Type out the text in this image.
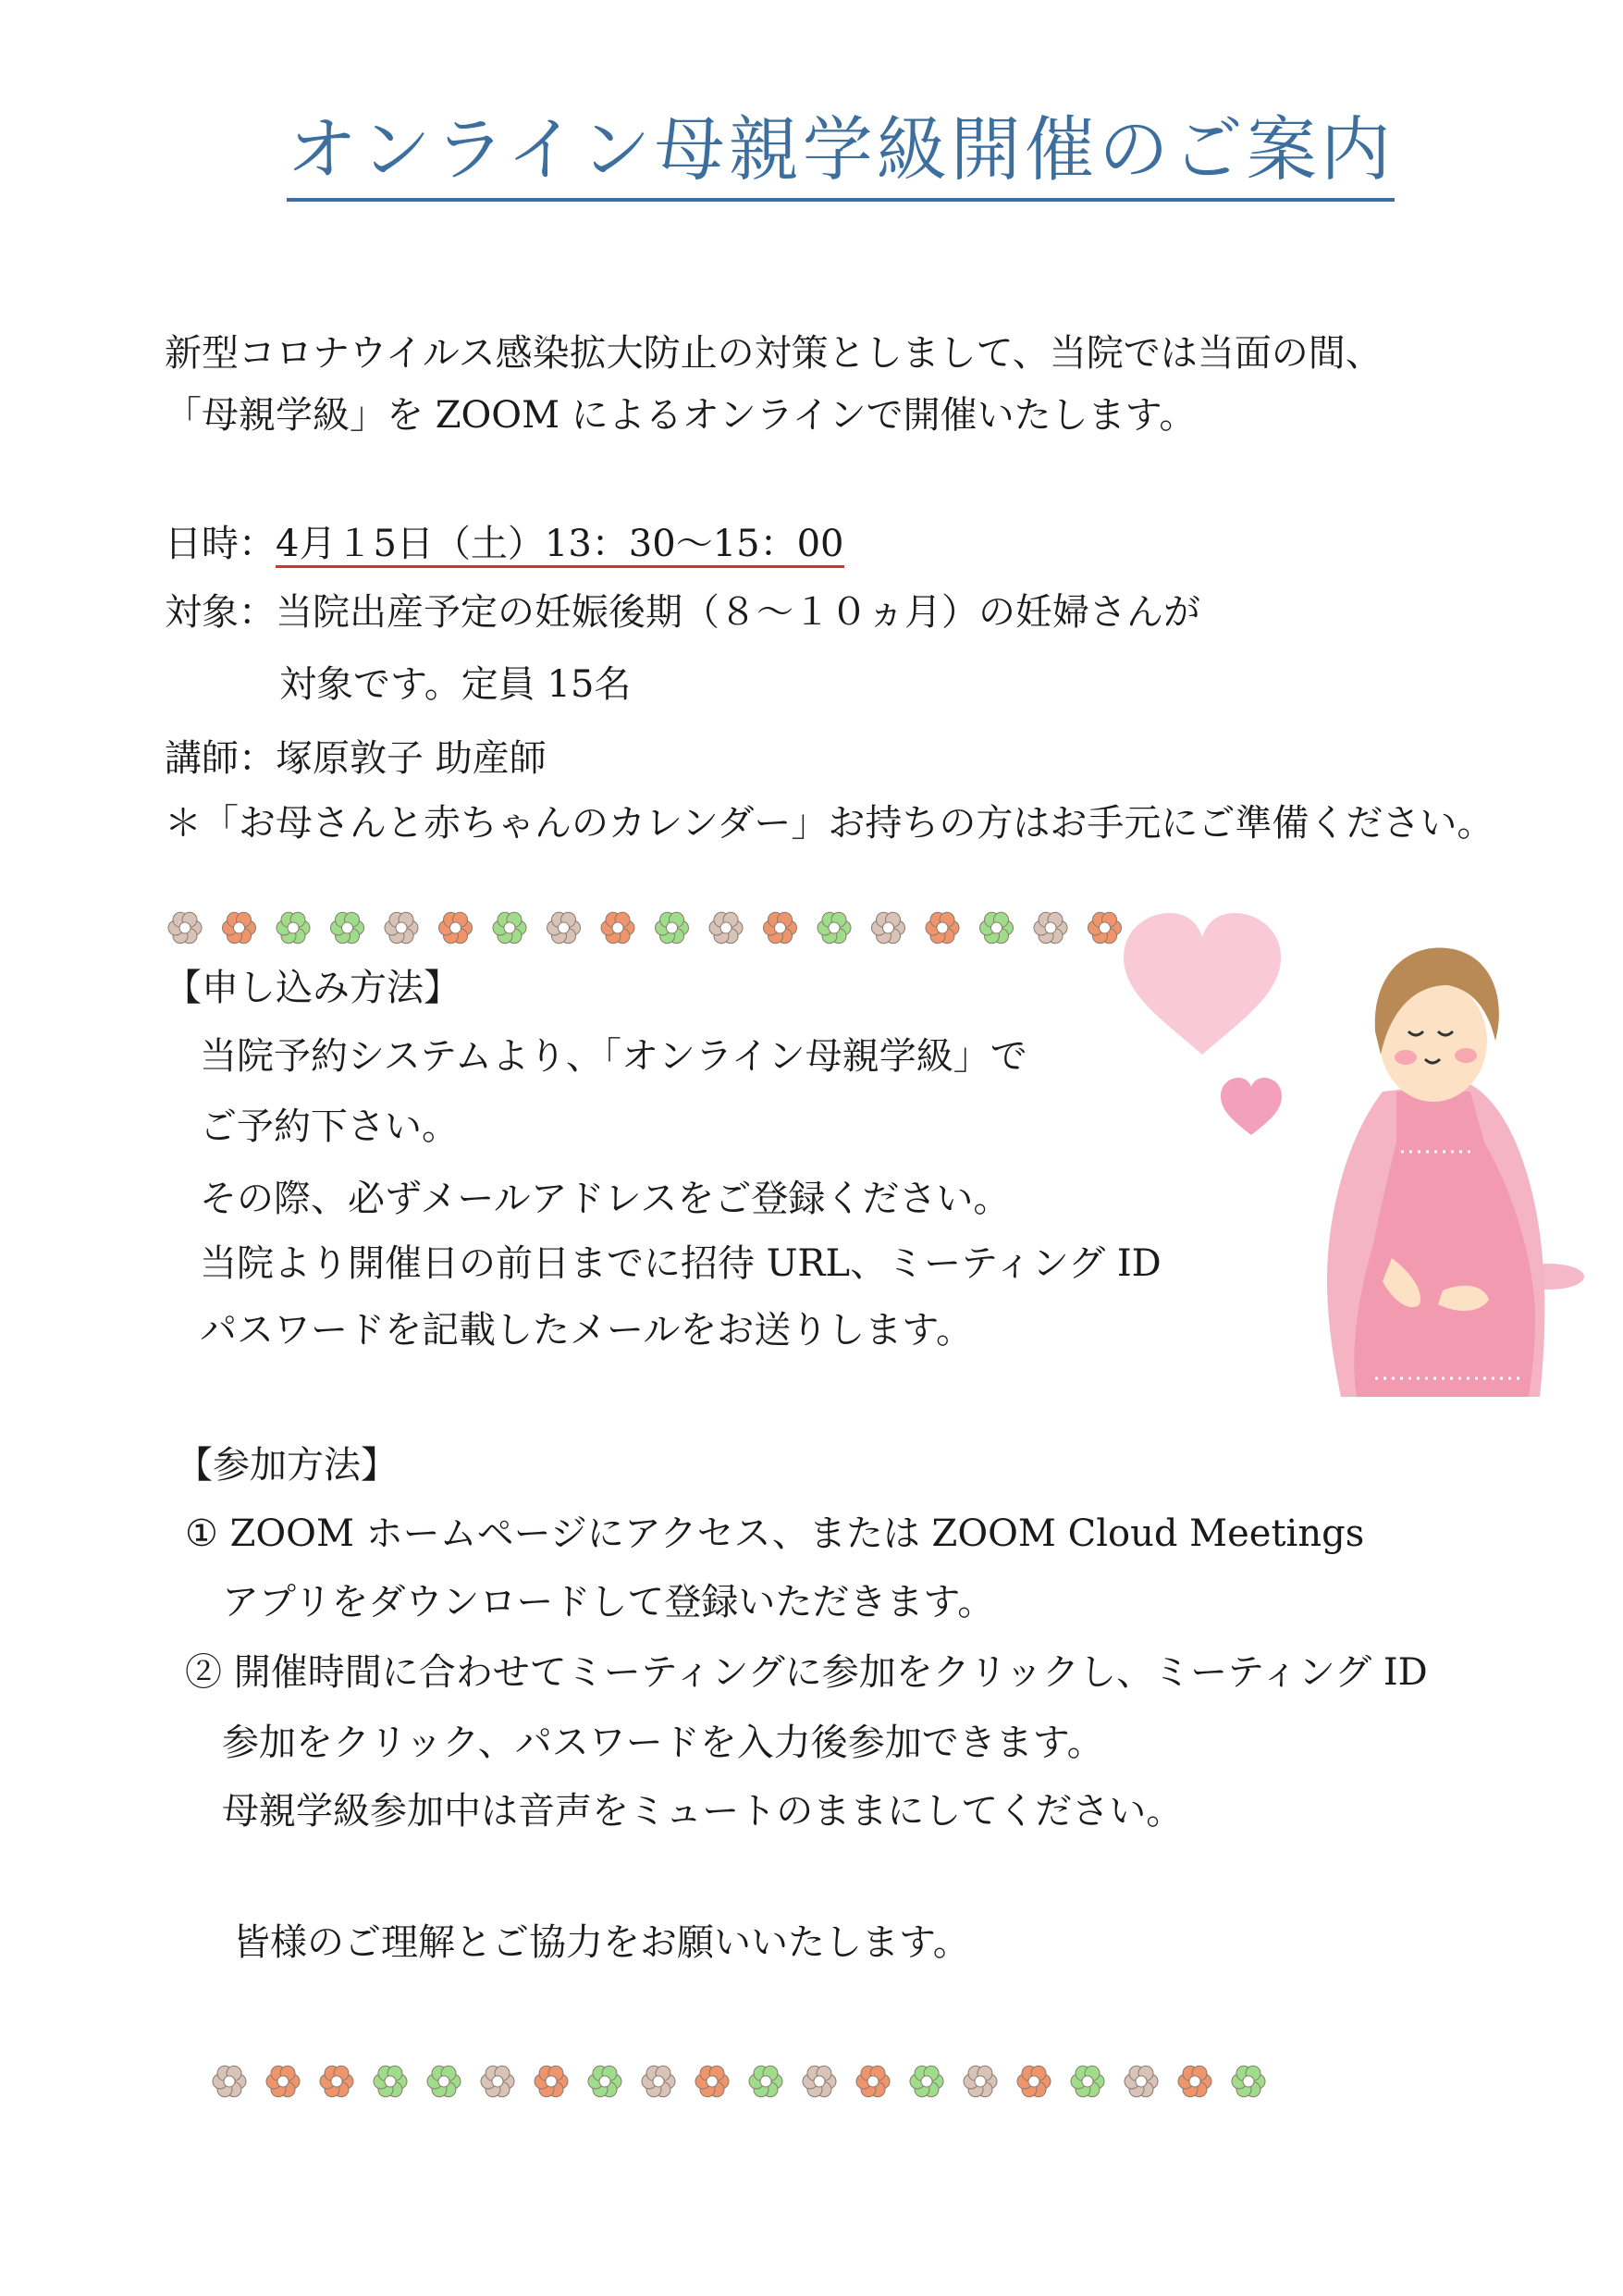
オンライン母親学級開催のご案内
新型コロナウイルス感染拡大防止の対策としまして、当院では当面の間、
「母親学級」を ZOOM によるオンラインで開催いたします。
日時：4月１5日（土）13：30～15：00
対象：当院出産予定の妊娠後期（８～１０ヵ月）の妊婦さんが
対象です。定員 15名
講師：塚原敦子 助産師
＊「お母さんと赤ちゃんのカレンダー」お持ちの方はお手元にご準備ください。
【申し込み方法】
当院予約システムより、「オンライン母親学級」で
ご予約下さい。
その際、必ずメールアドレスをご登録ください。
当院より開催日の前日までに招待 URL、ミーティング ID
パスワードを記載したメールをお送りします。
【参加方法】
① ZOOM ホームページにアクセス、または ZOOM Cloud Meetings
アプリをダウンロードして登録いただきます。
② 開催時間に合わせてミーティングに参加をクリックし、ミーティング ID
参加をクリック、パスワードを入力後参加できます。
母親学級参加中は音声をミュートのままにしてください。
皆様のご理解とご協力をお願いいたします。
